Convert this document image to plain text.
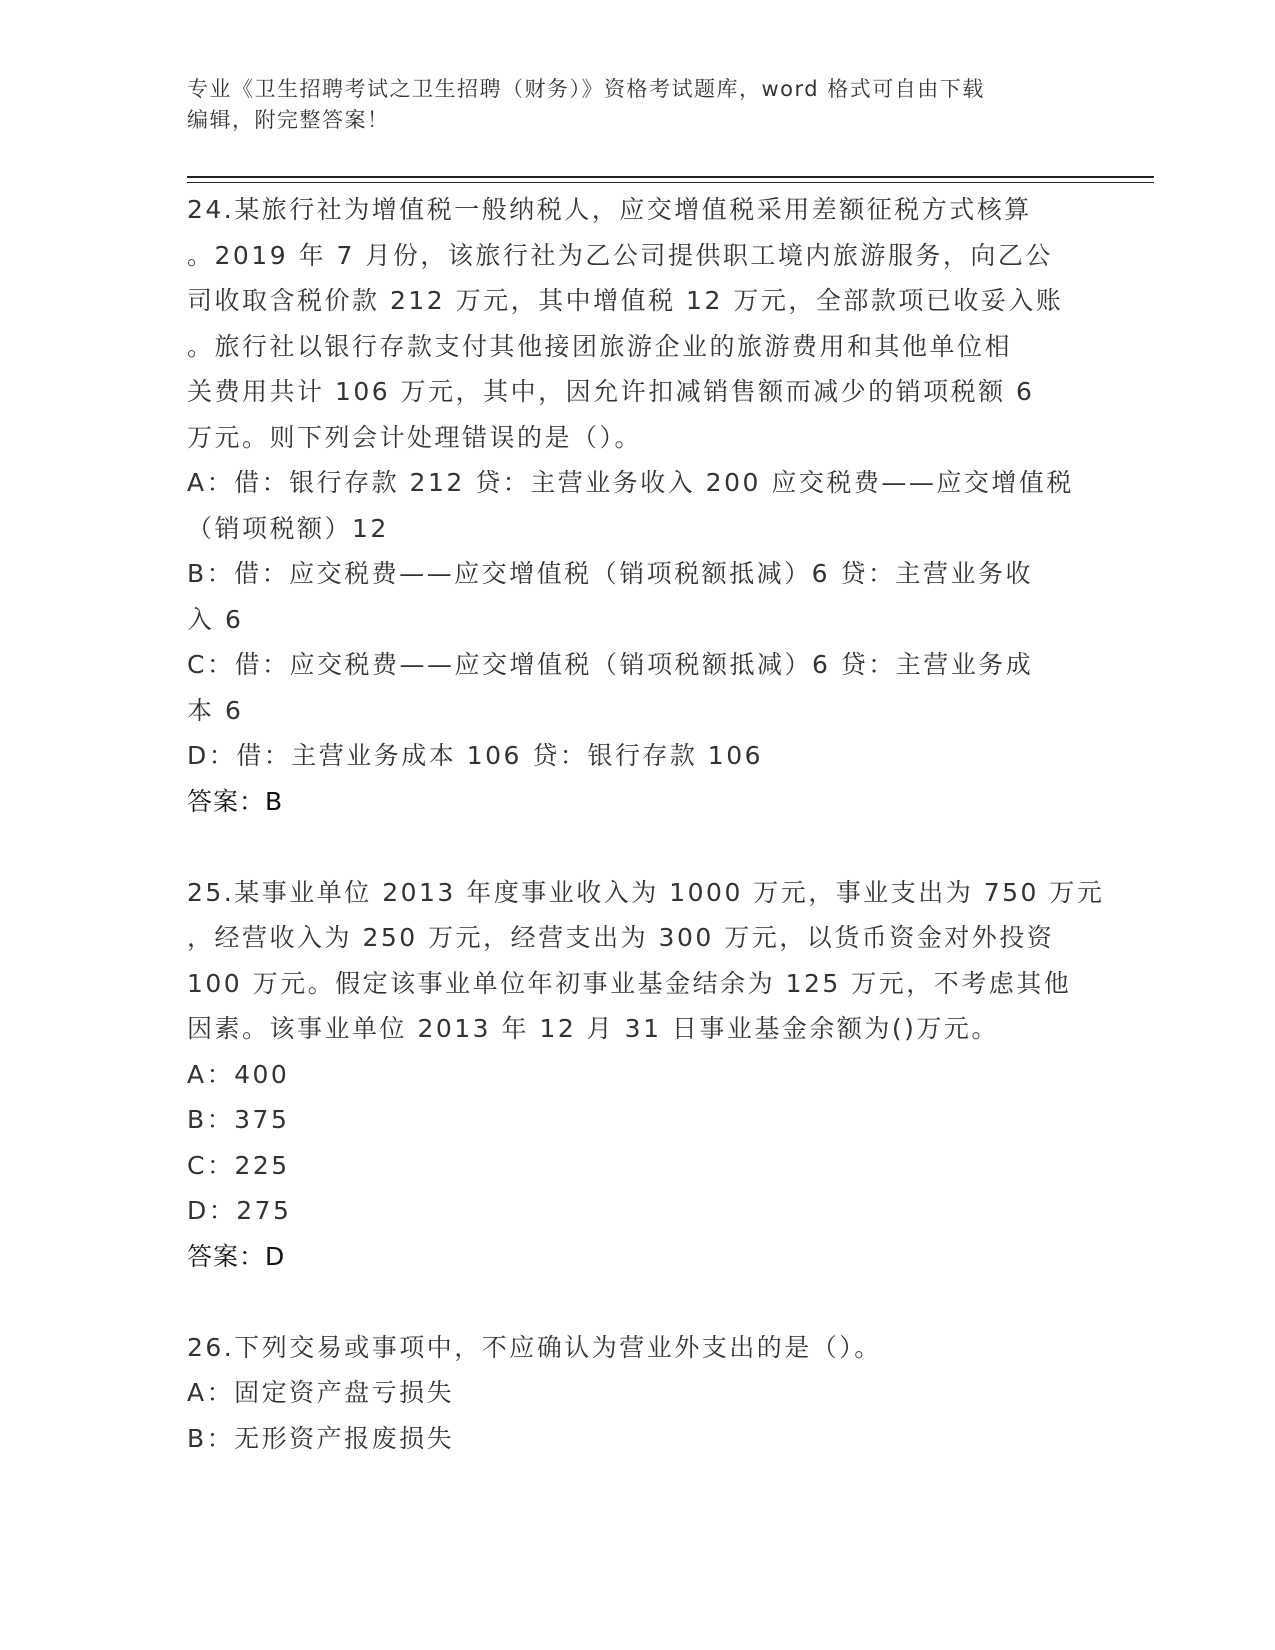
专业《卫生招聘考试之卫生招聘（财务）》资格考试题库，word 格式可自由下载
编辑，附完整答案！
24.某旅行社为增值税一般纳税人，应交增值税采用差额征税方式核算
。2019 年 7 月份，该旅行社为乙公司提供职工境内旅游服务，向乙公
司收取含税价款 212 万元，其中增值税 12 万元，全部款项已收妥入账
。旅行社以银行存款支付其他接团旅游企业的旅游费用和其他单位相
关费用共计 106 万元，其中，因允许扣减销售额而减少的销项税额 6
万元。则下列会计处理错误的是（）。
A：借：银行存款 212 贷：主营业务收入 200 应交税费——应交增值税
（销项税额）12
B：借：应交税费——应交增值税（销项税额抵减）6 贷：主营业务收
入 6
C：借：应交税费——应交增值税（销项税额抵减）6 贷：主营业务成
本 6
D：借：主营业务成本 106 贷：银行存款 106
答案：B
25.某事业单位 2013 年度事业收入为 1000 万元，事业支出为 750 万元
，经营收入为 250 万元，经营支出为 300 万元，以货币资金对外投资
100 万元。假定该事业单位年初事业基金结余为 125 万元，不考虑其他
因素。该事业单位 2013 年 12 月 31 日事业基金余额为()万元。
A：400
B：375
C：225
D：275
答案：D
26.下列交易或事项中，不应确认为营业外支出的是（）。
A：固定资产盘亏损失
B：无形资产报废损失
